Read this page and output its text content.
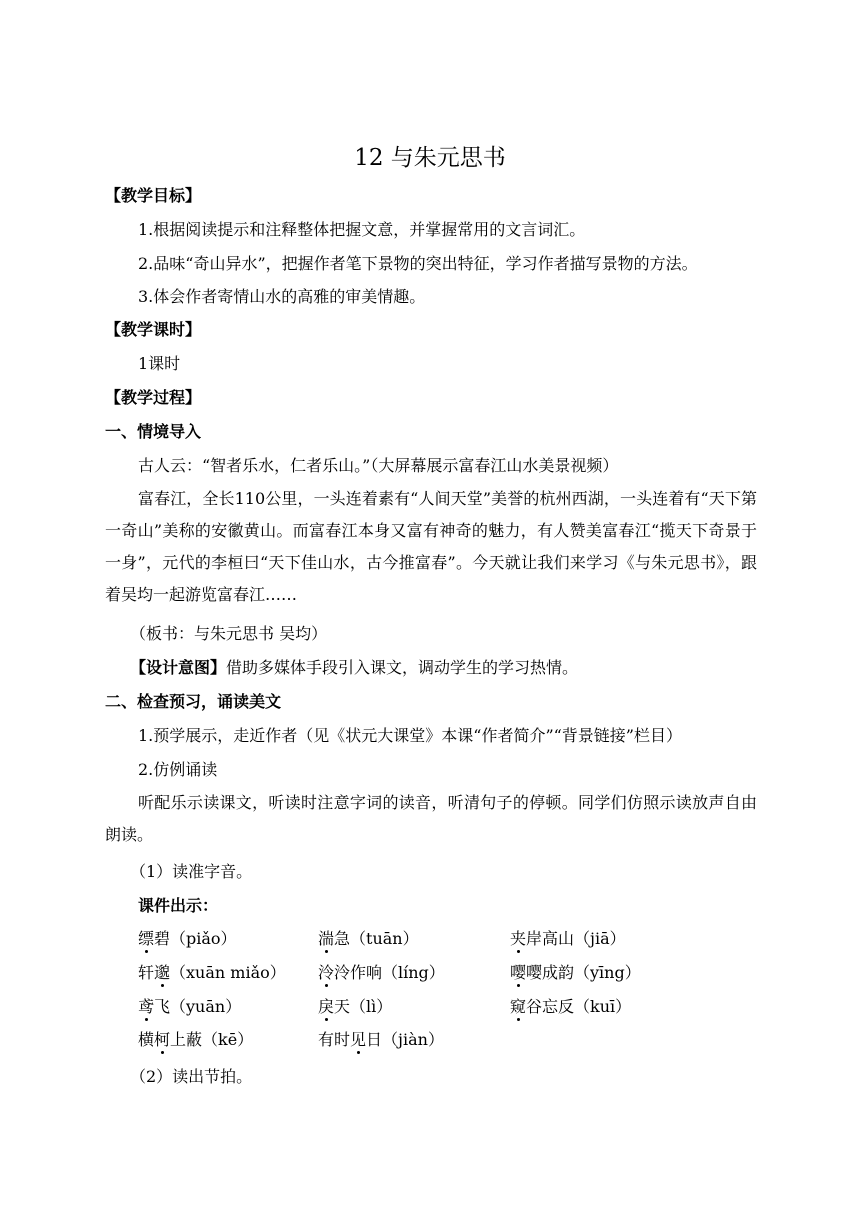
12 与朱元思书
【教学目标】
1.根据阅读提示和注释整体把握文意，并掌握常用的文言词汇。
2.品味“奇山异水”，把握作者笔下景物的突出特征，学习作者描写景物的方法。
3.体会作者寄情山水的高雅的审美情趣。
【教学课时】
1课时
【教学过程】
一、情境导入
古人云：“智者乐水，仁者乐山。”（大屏幕展示富春江山水美景视频）
富春江，全长110公里，一头连着素有“人间天堂”美誉的杭州西湖，一头连着有“天下第一奇山”美称的安徽黄山。而富春江本身又富有神奇的魅力，有人赞美富春江“揽天下奇景于一身”，元代的李桓曰“天下佳山水，古今推富春”。今天就让我们来学习《与朱元思书》，跟着吴均一起游览富春江……
（板书：与朱元思书 吴均）
【设计意图】借助多媒体手段引入课文，调动学生的学习热情。
二、检查预习，诵读美文
1.预学展示，走近作者（见《状元大课堂》本课“作者简介”“背景链接”栏目）
2.仿例诵读
听配乐示读课文，听读时注意字词的读音，听清句子的停顿。同学们仿照示读放声自由朗读。
（1）读准字音。
课件出示：
缥碧（piǎo）	湍急（tuān）	夹岸高山（jiā）
轩邈（xuān miǎo） 泠泠作响（líng）	嘤嘤成韵（yīng）
鸢飞（yuān）	戾天（lì）	窥谷忘反（kuī）
横柯上蔽（kē）	有时见日（jiàn）
（2）读出节拍。
